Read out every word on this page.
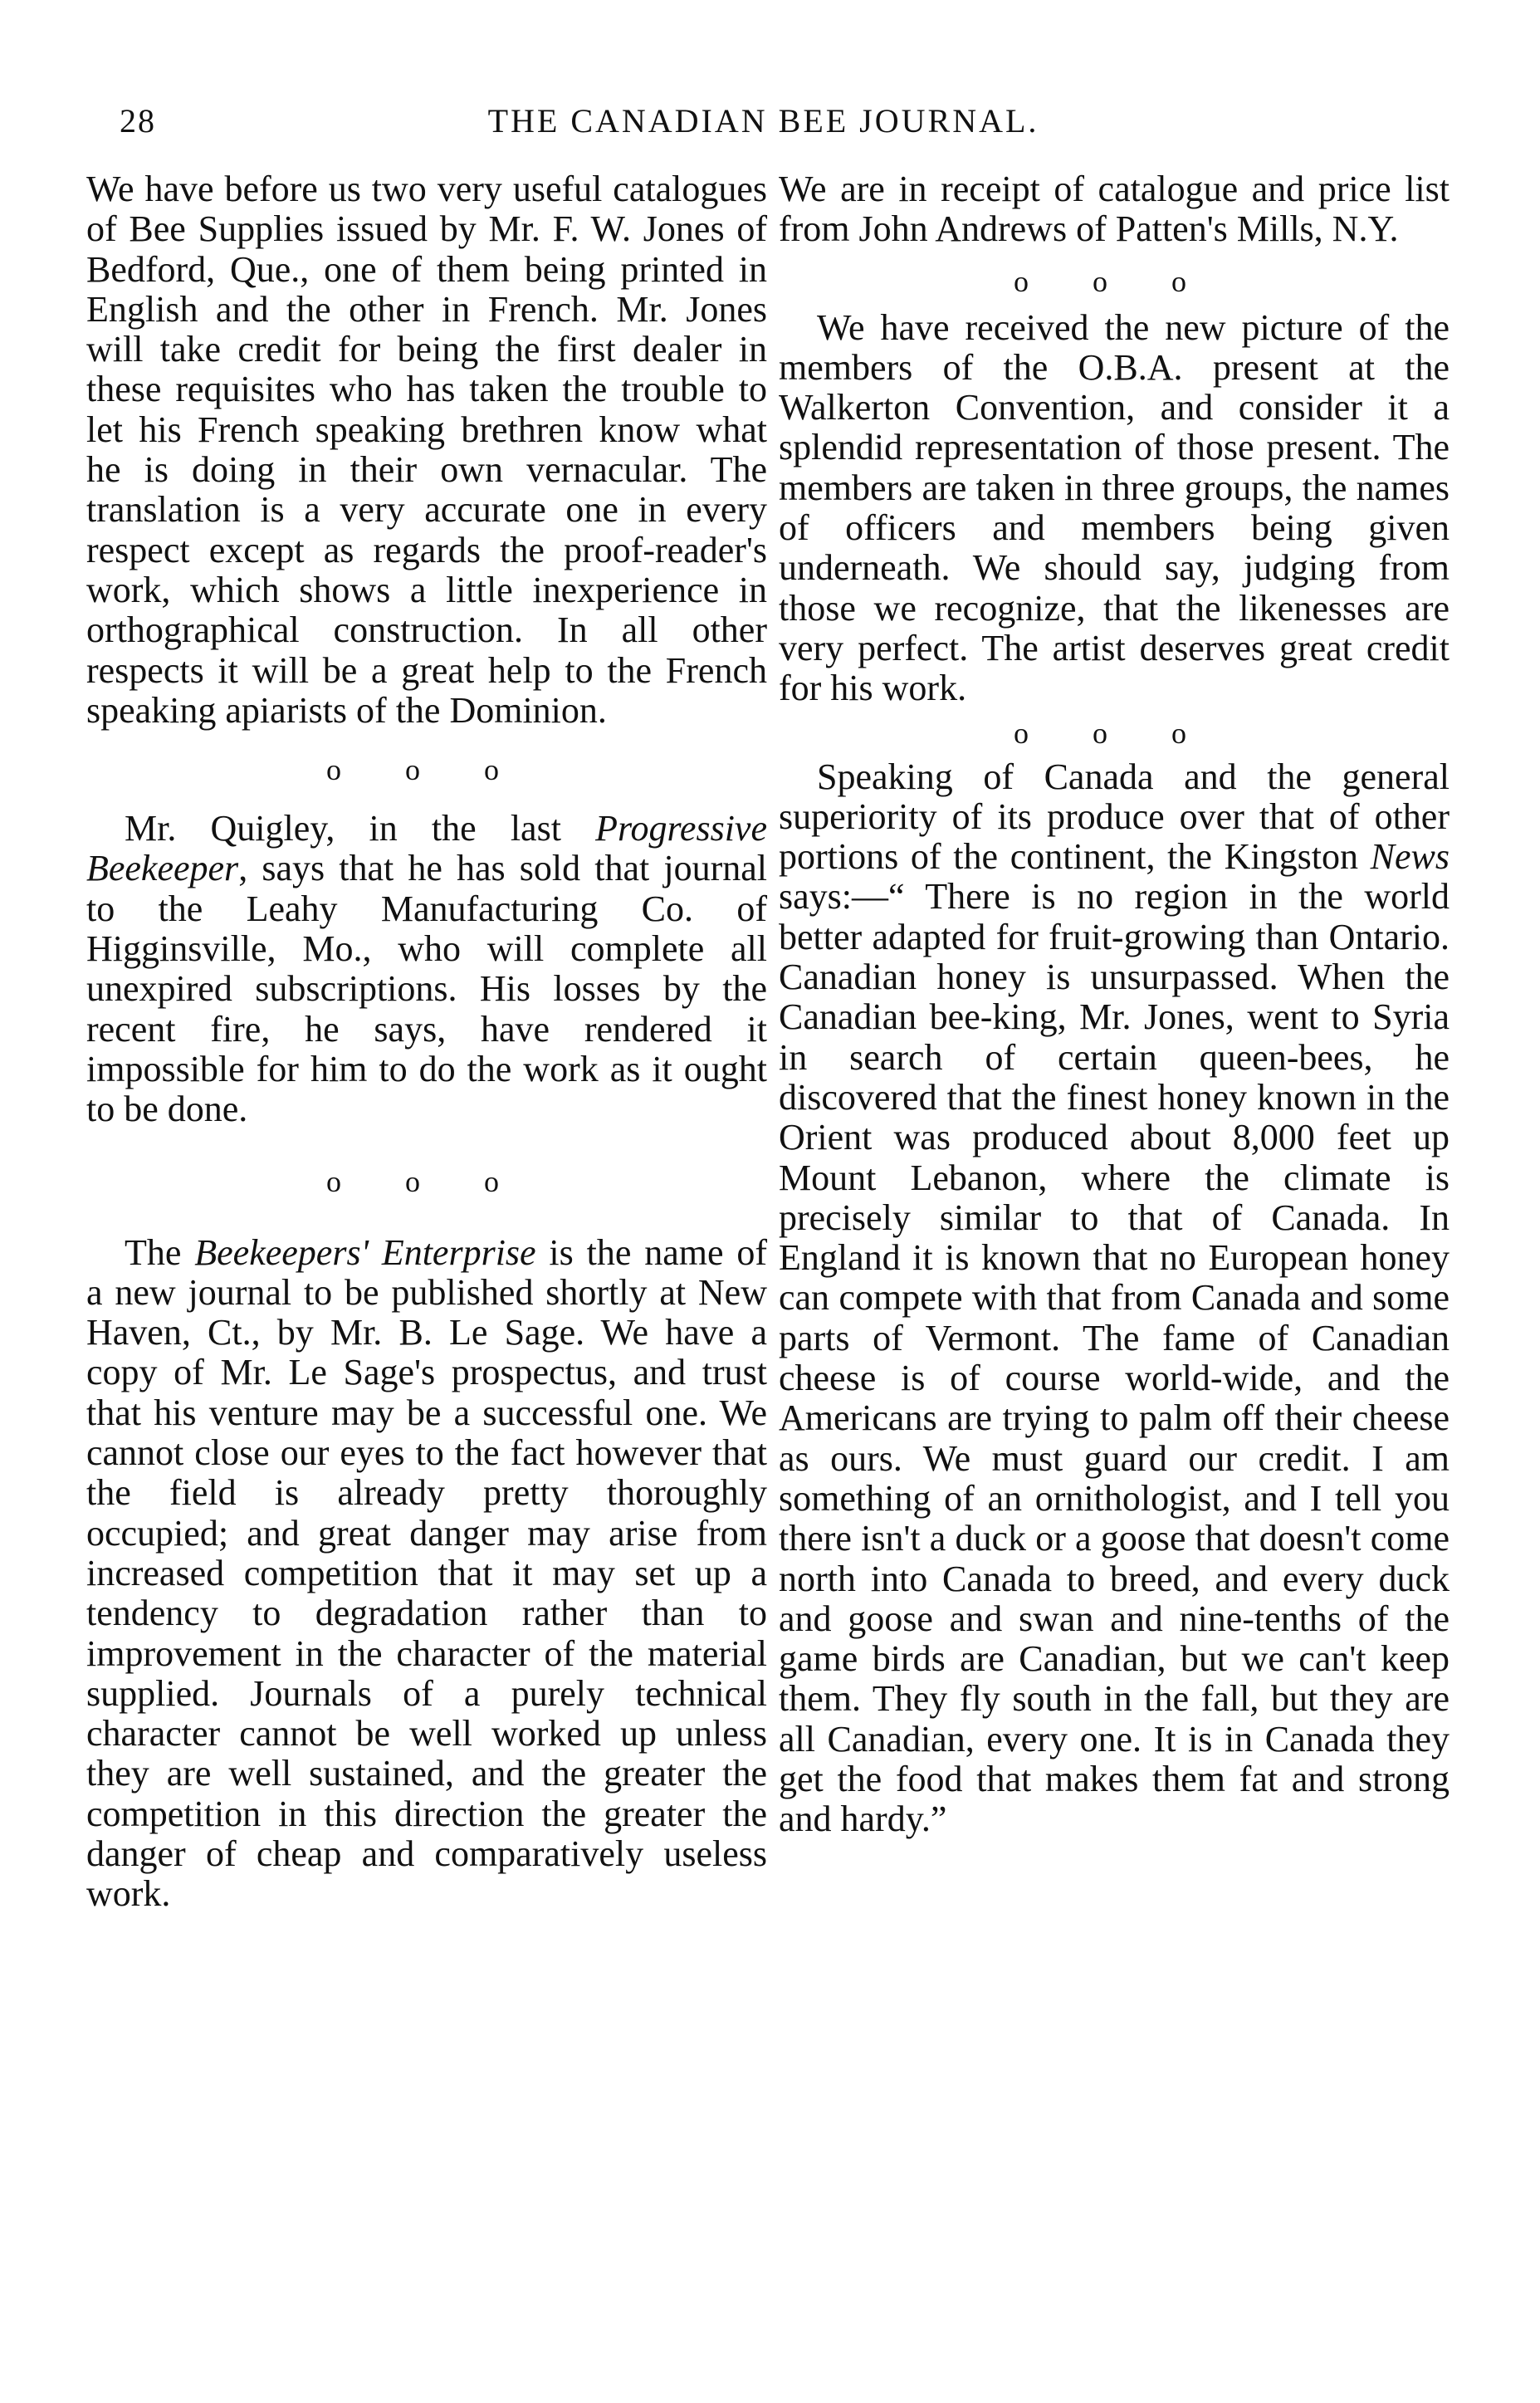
28	THE CANADIAN BEE JOURNAL.

We have before us two very useful catalogues of Bee Supplies issued by Mr. F. W. Jones of Bedford, Que., one of them being printed in English and the other in French. Mr. Jones will take credit for being the first dealer in these requisites who has taken the trouble to let his French speaking brethren know what he is doing in their own vernacular. The translation is a very accurate one in every respect except as regards the proof-reader's work, which shows a little inexperience in orthographical construction. In all other respects it will be a great help to the French speaking apiarists of the Dominion.

o o o

Mr. Quigley, in the last Progressive Beekeeper, says that he has sold that journal to the Leahy Manufacturing Co. of Higginsville, Mo., who will complete all unexpired subscriptions. His losses by the recent fire, he says, have rendered it impossible for him to do the work as it ought to be done.

o o o

The Beekeepers' Enterprise is the name of a new journal to be published shortly at New Haven, Ct., by Mr. B. Le Sage. We have a copy of Mr. Le Sage's prospectus, and trust that his venture may be a successful one. We cannot close our eyes to the fact however that the field is already pretty thoroughly occupied; and great danger may arise from increased competition that it may set up a tendency to degradation rather than to improvement in the character of the material supplied. Journals of a purely technical character cannot be well worked up unless they are well sustained, and the greater the competition in this direction the greater the danger of cheap and comparatively useless work.

We are in receipt of catalogue and price list from John Andrews of Patten's Mills, N.Y.

o o o

We have received the new picture of the members of the O.B.A. present at the Walkerton Convention, and consider it a splendid representation of those present. The members are taken in three groups, the names of officers and members being given underneath. We should say, judging from those we recognize, that the likenesses are very perfect. The artist deserves great credit for his work.

o o o

Speaking of Canada and the general superiority of its produce over that of other portions of the continent, the Kingston News says:—“ There is no region in the world better adapted for fruit-growing than Ontario. Canadian honey is unsurpassed. When the Canadian bee-king, Mr. Jones, went to Syria in search of certain queen-bees, he discovered that the finest honey known in the Orient was produced about 8,000 feet up Mount Lebanon, where the climate is precisely similar to that of Canada. In England it is known that no European honey can compete with that from Canada and some parts of Vermont. The fame of Canadian cheese is of course world-wide, and the Americans are trying to palm off their cheese as ours. We must guard our credit. I am something of an ornithologist, and I tell you there isn't a duck or a goose that doesn't come north into Canada to breed, and every duck and goose and swan and nine-tenths of the game birds are Canadian, but we can't keep them. They fly south in the fall, but they are all Canadian, every one. It is in Canada they get the food that makes them fat and strong and hardy.”
